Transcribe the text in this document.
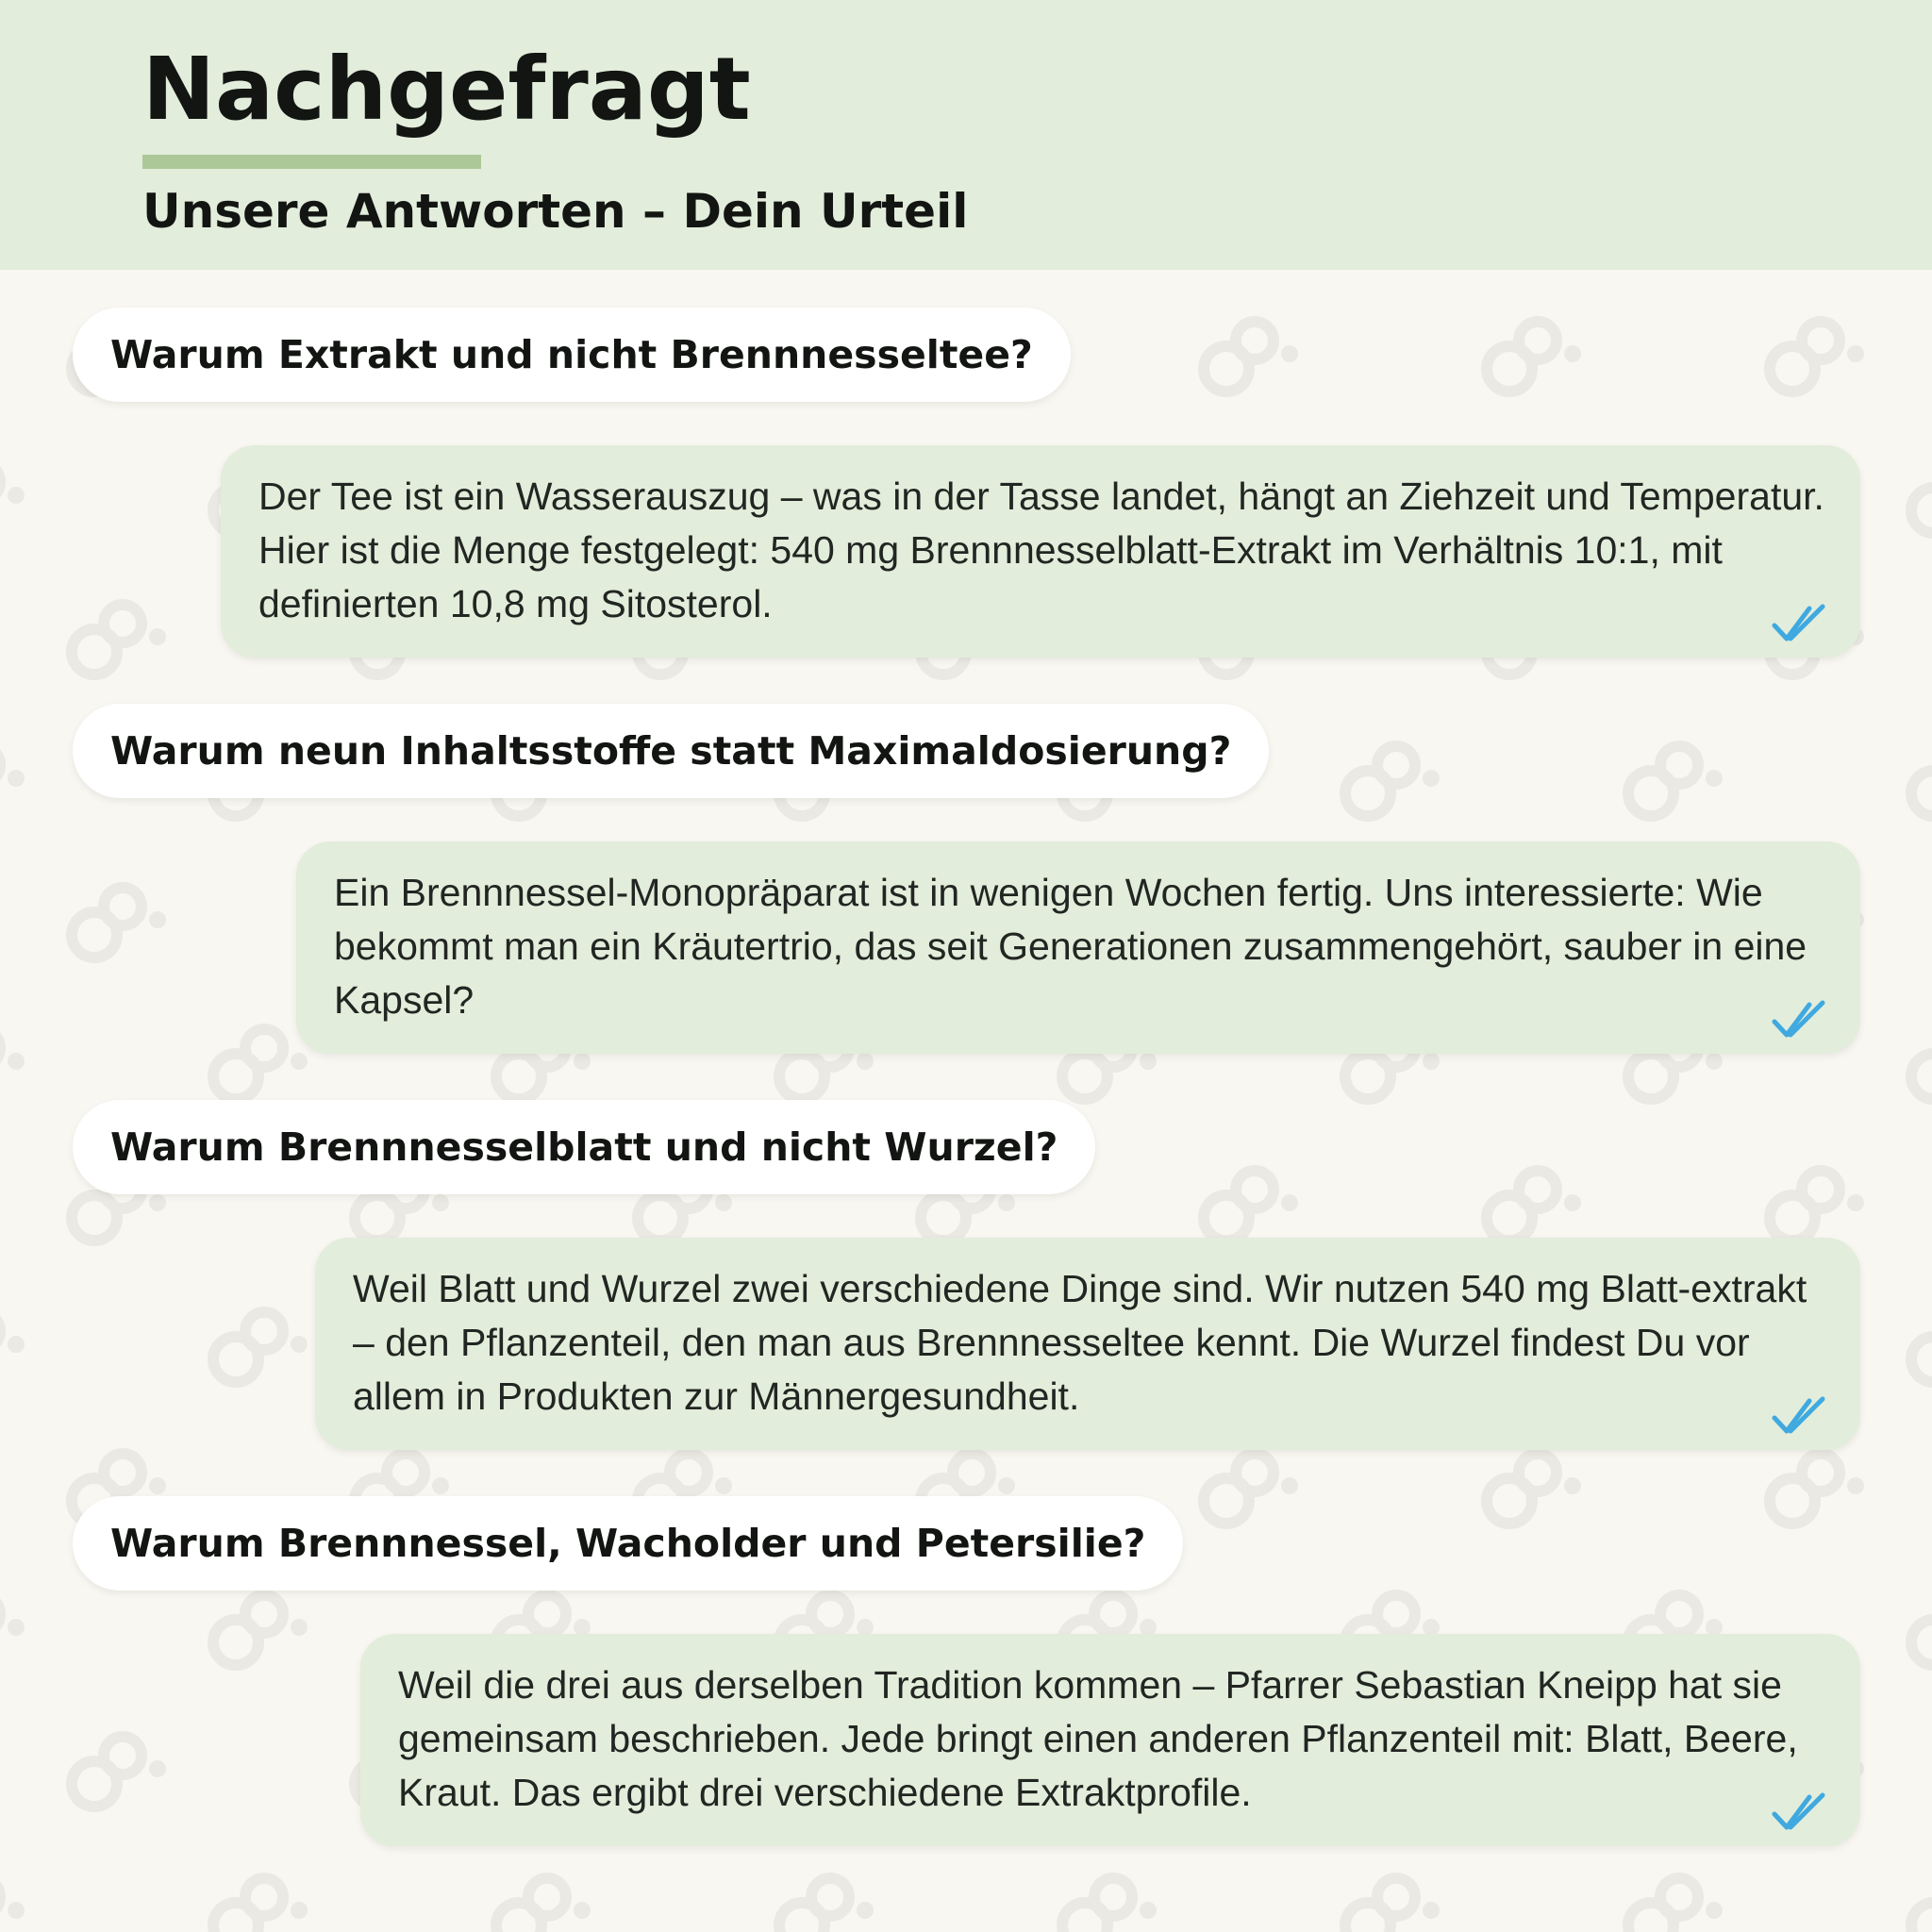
Nachgefragt
Unsere Antworten – Dein Urteil
Warum Extrakt und nicht Brennnesseltee?

Der Tee ist ein Wasserauszug – was in der Tasse landet, hängt an Ziehzeit und Temperatur. Hier ist die Menge festgelegt: 540 mg Brennnesselblatt-Extrakt im Verhältnis 10:1, mit definierten 10,8 mg Sitosterol.

Warum neun Inhaltsstoffe statt Maximaldosierung?

Ein Brennnessel-Monopräparat ist in wenigen Wochen fertig. Uns interessierte: Wie bekommt man ein Kräutertrio, das seit Generationen zusammengehört, sauber in eine Kapsel?

Warum Brennnesselblatt und nicht Wurzel?

Weil Blatt und Wurzel zwei verschiedene Dinge sind. Wir nutzen 540 mg Blatt-extrakt – den Pflanzenteil, den man aus Brennnesseltee kennt. Die Wurzel findest Du vor allem in Produkten zur Männergesundheit.

Warum Brennnessel, Wacholder und Petersilie?

Weil die drei aus derselben Tradition kommen – Pfarrer Sebastian Kneipp hat sie gemeinsam beschrieben. Jede bringt einen anderen Pflanzenteil mit: Blatt, Beere, Kraut. Das ergibt drei verschiedene Extraktprofile.
